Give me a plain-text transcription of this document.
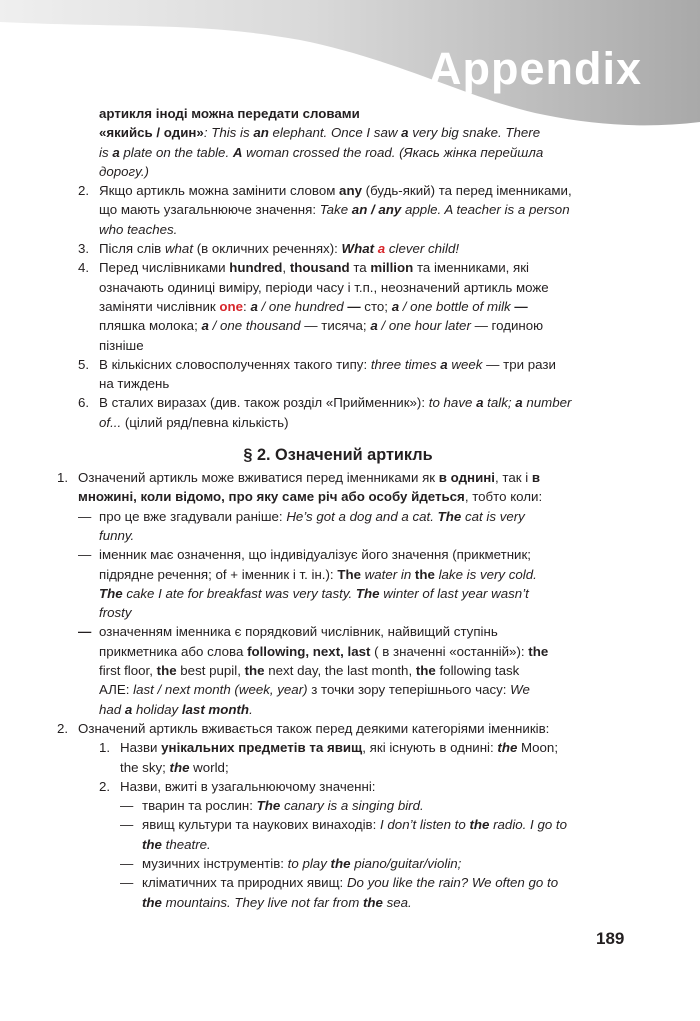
Appendix
артикля іноді можна передати словами
«якийсь / один»: This is an elephant. Once I saw a very big snake. There
is a plate on the table. A woman crossed the road. (Якась жінка перейшла
дорогу.)
2. Якщо артикль можна замінити словом any (будь-який) та перед іменниками,
що мають узагальнююче значення: Take an / any apple. A teacher is a person
who teaches.
3. Після слів what (в окличних реченнях): What a clever child!
4. Перед числівниками hundred, thousand та million та іменниками, які
означають одиниці виміру, періоди часу і т.п., неозначений артикль може
заміняти числівник one: a / one hundred — сто; a / one bottle of milk —
пляшка молока; a / one thousand — тисяча; a / one hour later — годиною
пізніше
5. В кількісних словосполученнях такого типу: three times a week — три рази
на тиждень
6. В сталих виразах (див. також розділ «Прийменник»): to have a talk; a number
of... (цілий ряд/певна кількість)
§ 2. Означений артикль
1. Означений артикль може вживатися перед іменниками як в однині, так і в
множині, коли відомо, про яку саме річ або особу йдеться, тобто коли:
— про це вже згадували раніше: He’s got a dog and a cat. The cat is very
funny.
— іменник має означення, що індивідуалізує його значення (прикметник;
підрядне речення; of + іменник і т. ін.): The water in the lake is very cold.
The cake I ate for breakfast was very tasty. The winter of last year wasn’t
frosty
— означенням іменника є порядковий числівник, найвищий ступінь
прикметника або слова following, next, last ( в значенні «останній»): the
first floor, the best pupil, the next day, the last month, the following task
АЛЕ: last / next month (week, year) з точки зору теперішнього часу: We
had a holiday last month.
2. Означений артикль вживається також перед деякими категоріями іменників:
1. Назви унікальних предметів та явищ, які існують в однині: the Moon;
the sky; the world;
2. Назви, вжиті в узагальнюючому значенні:
— тварин та рослин: The canary is a singing bird.
— явищ культури та наукових винаходів: I don’t listen to the radio. I go to
the theatre.
— музичних інструментів: to play the piano/guitar/violin;
— кліматичних та природних явищ: Do you like the rain? We often go to
the mountains. They live not far from the sea.
189
